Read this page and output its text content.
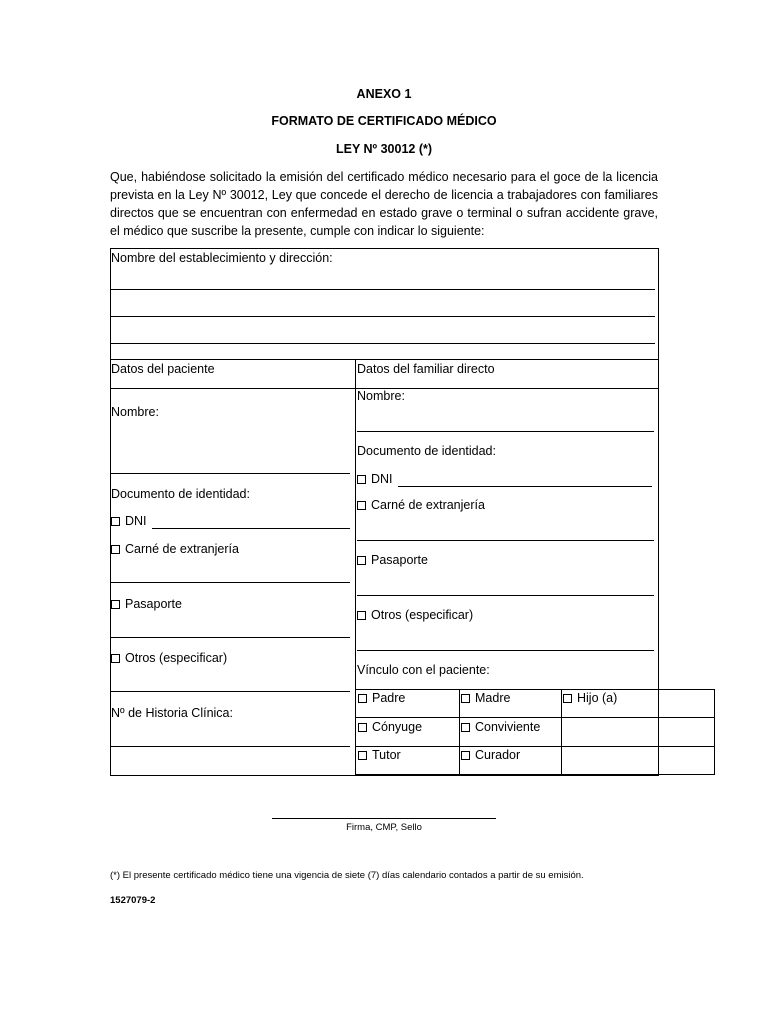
ANEXO 1
FORMATO DE CERTIFICADO MÉDICO
LEY Nº 30012 (*)
Que, habiéndose solicitado la emisión del certificado médico necesario para el goce de la licencia prevista en la Ley Nº 30012, Ley que concede el derecho de licencia a trabajadores con familiares directos que se encuentran con enfermedad en estado grave o terminal o sufran accidente grave, el médico que suscribe la presente, cumple con indicar lo siguiente:
Nombre del establecimiento y dirección:
Datos del paciente
Nombre:
Documento de identidad:
DNI
Carné de extranjería
Pasaporte
Otros (especificar)
Nº de Historia Clínica:
Datos del familiar directo
Nombre:
Documento de identidad:
DNI
Carné de extranjería
Pasaporte
Otros (especificar)
Vínculo con el paciente:
Padre	Madre	Hijo (a)
Cónyuge	Conviviente
Tutor	Curador
Firma, CMP, Sello
(*) El presente certificado médico tiene una vigencia de siete (7) días calendario contados a partir de su emisión.
1527079-2
